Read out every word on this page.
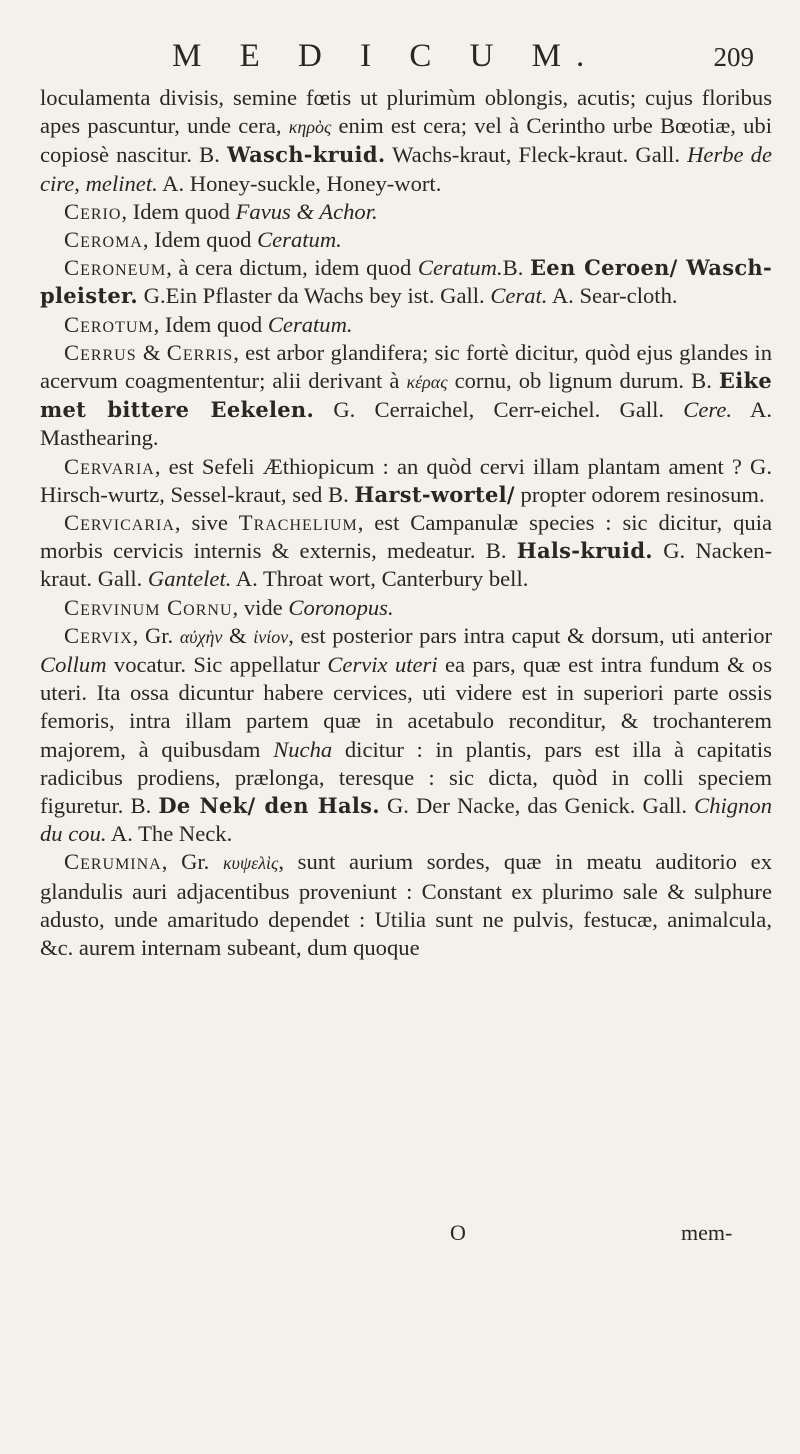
M E D I C U M.	209

loculamenta divisis, semine fœtis ut plurimùm oblongis, acutis; cujus floribus apes pascuntur, unde cera, κηρὸς enim est cera; vel à Cerintho urbe Bœotiæ, ubi copiosè nascitur. B. Wasch-kruid. Wachs-kraut, Fleck-kraut. Gall. Herbe de cire, melinet. A. Honey-suckle, Honey-wort.

Cerio, Idem quod Favus & Achor.

Ceroma, Idem quod Ceratum.

Ceroneum, à cera dictum, idem quod Ceratum.B. Een Ceroen/ Wasch-pleister. G.Ein Pflaster da Wachs bey ist. Gall. Cerat. A. Sear-cloth.

Cerotum, Idem quod Ceratum.

Cerrus & Cerris, est arbor glandifera; sic fortè dicitur, quòd ejus glandes in acervum coagmententur; alii derivant à κέρας cornu, ob lignum durum. B. Eike met bittere Eekelen. G. Cerraichel, Cerr-eichel. Gall. Cere. A. Masthearing.

Cervaria, est Sefeli Æthiopicum : an quòd cervi illam plantam ament ? G. Hirsch-wurtz, Sessel-kraut, sed B. Harst-wortel/ propter odorem resinosum.

Cervicaria, sive Trachelium, est Campanulæ species : sic dicitur, quia morbis cervicis internis & externis, medeatur. B. Hals-kruid. G. Nacken-kraut. Gall. Gantelet. A. Throat wort, Canterbury bell.

Cervinum Cornu, vide Coronopus.

Cervix, Gr. αὐχὴν & ἰνίον, est posterior pars intra caput & dorsum, uti anterior Collum vocatur. Sic appellatur Cervix uteri ea pars, quæ est intra fundum & os uteri. Ita ossa dicuntur habere cervices, uti videre est in superiori parte ossis femoris, intra illam partem quæ in acetabulo reconditur, & trochanterem majorem, à quibusdam Nucha dicitur : in plantis, pars est illa à capitatis radicibus prodiens, prælonga, teresque : sic dicta, quòd in colli speciem figuretur. B. De Nek/ den Hals. G. Der Nacke, das Genick. Gall. Chignon du cou. A. The Neck.

Cerumina, Gr. κυψελὶς, sunt aurium sordes, quæ in meatu auditorio ex glandulis auri adjacentibus proveniunt : Constant ex plurimo sale & sulphure adusto, unde amaritudo dependet : Utilia sunt ne pulvis, festucæ, animalcula, &c. aurem internam subeant, dum quoque

O	mem-
